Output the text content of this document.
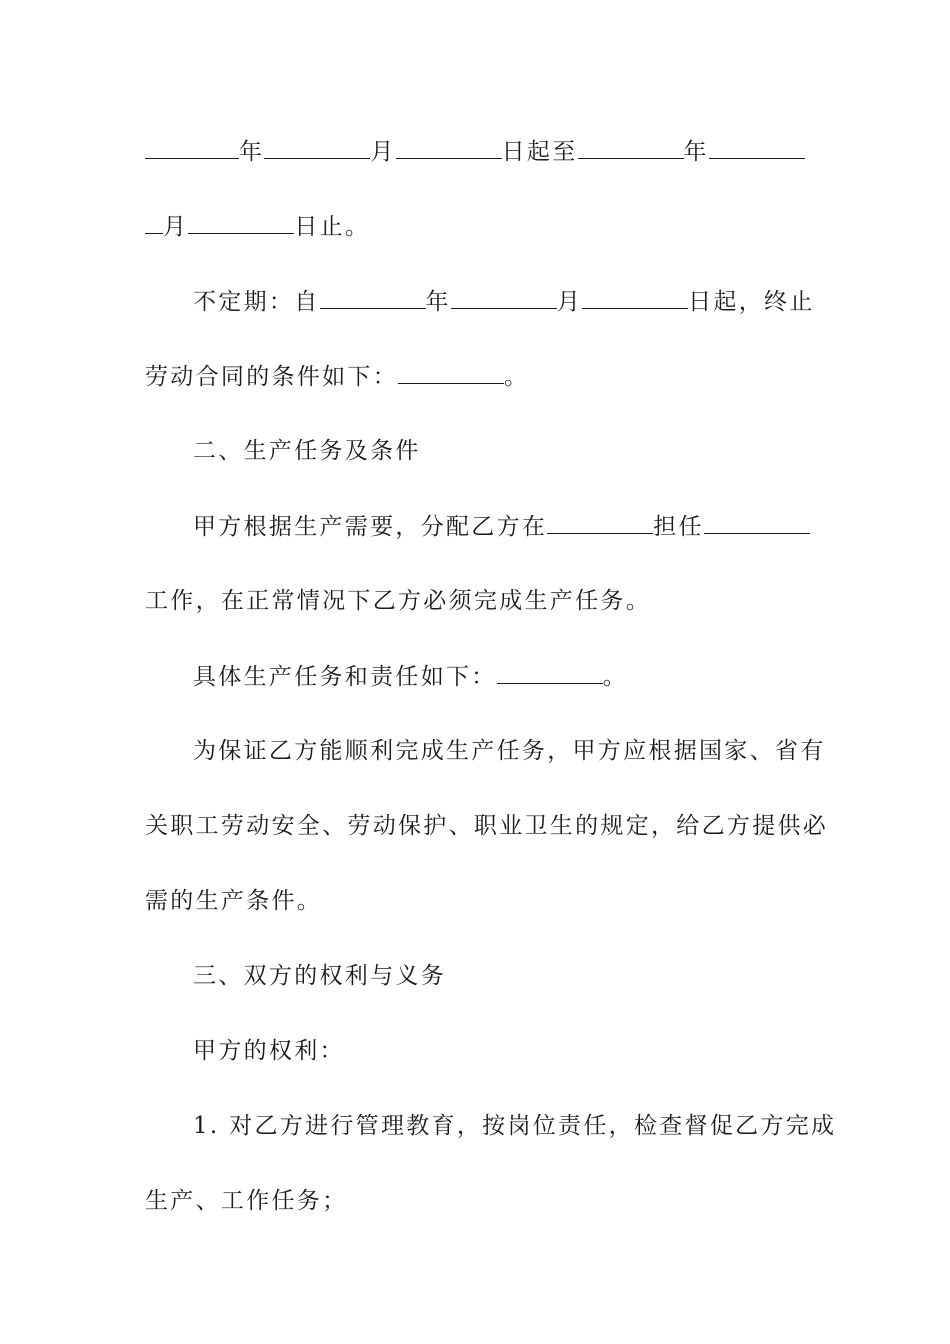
年	月	日起至	年
月	日止。
不定期：自	年	月	日起，终止
劳动合同的条件如下：	。
二、生产任务及条件
甲方根据生产需要，分配乙方在	担任
工作，在正常情况下乙方必须完成生产任务。
具体生产任务和责任如下：	。
为保证乙方能顺利完成生产任务，甲方应根据国家、省有
关职工劳动安全、劳动保护、职业卫生的规定，给乙方提供必
需的生产条件。
三、双方的权利与义务
甲方的权利：
1. 对乙方进行管理教育，按岗位责任，检查督促乙方完成
生产、工作任务；
